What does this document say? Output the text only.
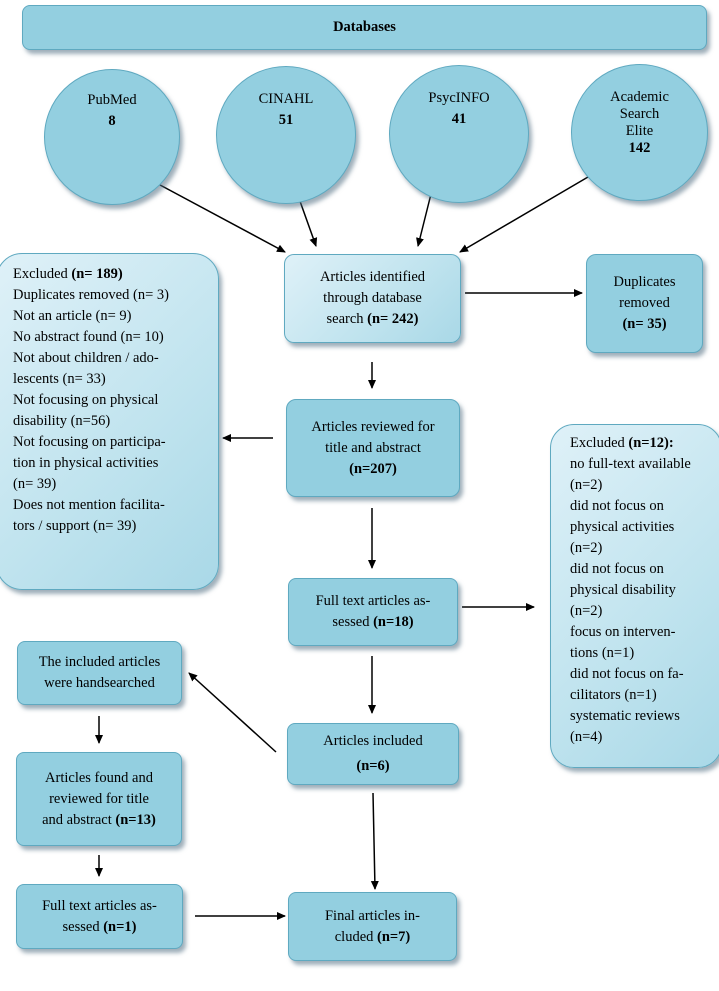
Databases
PubMed
8
CINAHL
51
PsycINFO
41
Academic
Search
Elite
142
Articles identified
through database
search (n= 242)
Duplicates
removed
(n= 35)
Excluded (n= 189)
Duplicates removed (n= 3)
Not an article (n= 9)
No abstract found (n= 10)
Not about children / ado-
lescents (n= 33)
Not focusing on physical
disability (n=56)
Not focusing on participa-
tion in physical activities
(n= 39)
Does not mention facilita-
tors / support (n= 39)
Articles reviewed for
title and abstract
(n=207)
Excluded (n=12):
no full-text available
(n=2)
did not focus on
physical activities
(n=2)
did not focus on
physical disability
(n=2)
focus on interven-
tions (n=1)
did not focus on fa-
cilitators (n=1)
systematic reviews
(n=4)
Full text articles as-
sessed (n=18)
The included articles
were handsearched
Articles included
(n=6)
Articles found and
reviewed for title
and abstract (n=13)
Full text articles as-
sessed (n=1)
Final articles in-
cluded (n=7)
